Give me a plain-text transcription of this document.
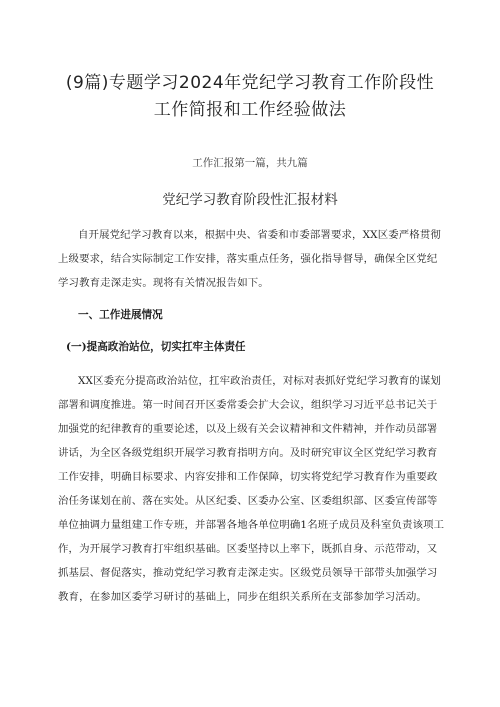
(9篇)专题学习2024年党纪学习教育工作阶段性
工作简报和工作经验做法
工作汇报第一篇，共九篇
党纪学习教育阶段性汇报材料
自开展党纪学习教育以来，根据中央、省委和市委部署要求，XX区委严格贯彻
上级要求，结合实际制定工作安排，落实重点任务，强化指导督导，确保全区党纪
学习教育走深走实。现将有关情况报告如下。
一、工作进展情况
(一)提高政治站位，切实扛牢主体责任
XX区委充分提高政治站位，扛牢政治责任，对标对表抓好党纪学习教育的谋划
部署和调度推进。第一时间召开区委常委会扩大会议，组织学习习近平总书记关于
加强党的纪律教育的重要论述，以及上级有关会议精神和文件精神，并作动员部署
讲话，为全区各级党组织开展学习教育指明方向。及时研究审议全区党纪学习教育
工作安排，明确目标要求、内容安排和工作保障，切实将党纪学习教育作为重要政
治任务谋划在前、落在实处。从区纪委、区委办公室、区委组织部、区委宣传部等
单位抽调力量组建工作专班，并部署各地各单位明确1名班子成员及科室负责该项工
作，为开展学习教育打牢组织基础。区委坚持以上率下，既抓自身、示范带动，又
抓基层、督促落实，推动党纪学习教育走深走实。区级党员领导干部带头加强学习
教育，在参加区委学习研讨的基础上，同步在组织关系所在支部参加学习活动。
